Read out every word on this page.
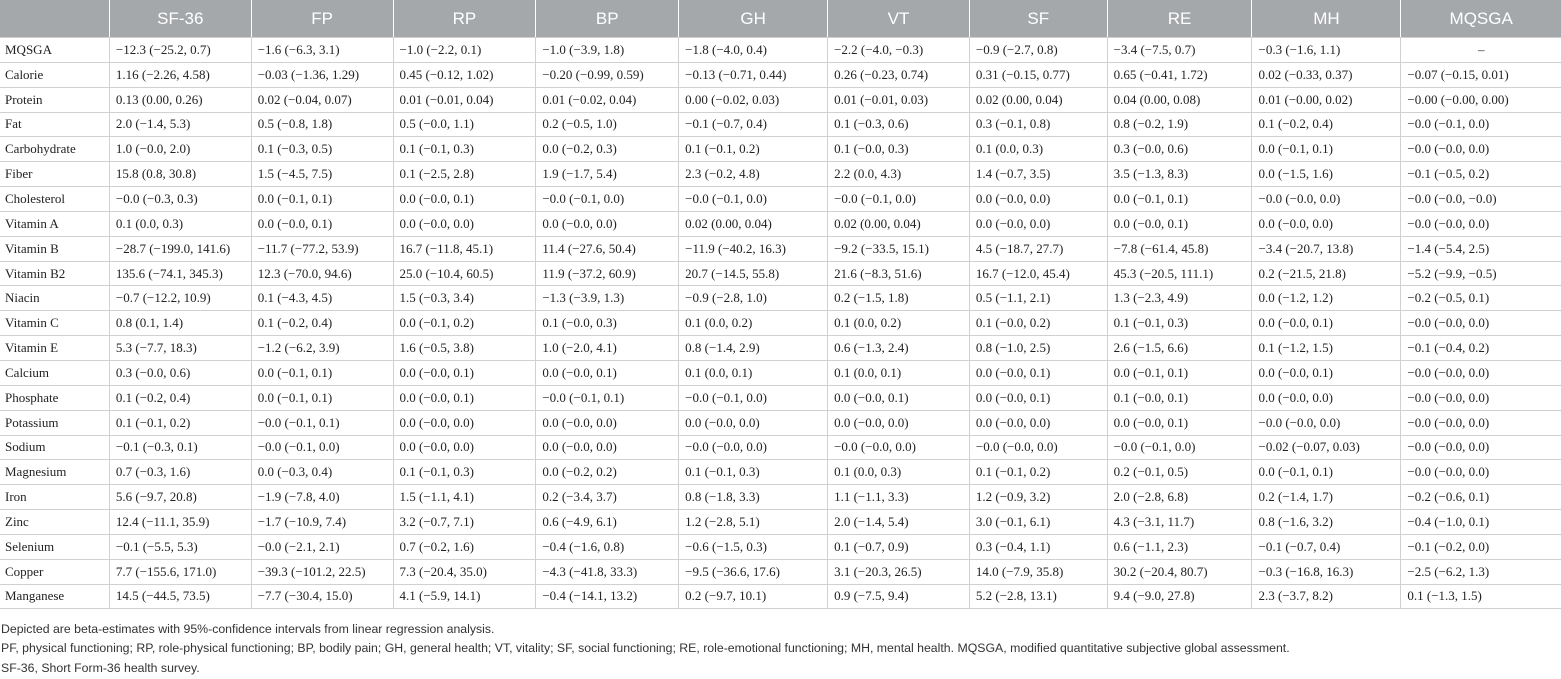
	SF-36	FP	RP	BP	GH	VT	SF	RE	MH	MQSGA
MQSGA	−12.3 (−25.2, 0.7)	−1.6 (−6.3, 3.1)	−1.0 (−2.2, 0.1)	−1.0 (−3.9, 1.8)	−1.8 (−4.0, 0.4)	−2.2 (−4.0, −0.3)	−0.9 (−2.7, 0.8)	−3.4 (−7.5, 0.7)	−0.3 (−1.6, 1.1)	–
Calorie	1.16 (−2.26, 4.58)	−0.03 (−1.36, 1.29)	0.45 (−0.12, 1.02)	−0.20 (−0.99, 0.59)	−0.13 (−0.71, 0.44)	0.26 (−0.23, 0.74)	0.31 (−0.15, 0.77)	0.65 (−0.41, 1.72)	0.02 (−0.33, 0.37)	−0.07 (−0.15, 0.01)
Protein	0.13 (0.00, 0.26)	0.02 (−0.04, 0.07)	0.01 (−0.01, 0.04)	0.01 (−0.02, 0.04)	0.00 (−0.02, 0.03)	0.01 (−0.01, 0.03)	0.02 (0.00, 0.04)	0.04 (0.00, 0.08)	0.01 (−0.00, 0.02)	−0.00 (−0.00, 0.00)
Fat	2.0 (−1.4, 5.3)	0.5 (−0.8, 1.8)	0.5 (−0.0, 1.1)	0.2 (−0.5, 1.0)	−0.1 (−0.7, 0.4)	0.1 (−0.3, 0.6)	0.3 (−0.1, 0.8)	0.8 (−0.2, 1.9)	0.1 (−0.2, 0.4)	−0.0 (−0.1, 0.0)
Carbohydrate	1.0 (−0.0, 2.0)	0.1 (−0.3, 0.5)	0.1 (−0.1, 0.3)	0.0 (−0.2, 0.3)	0.1 (−0.1, 0.2)	0.1 (−0.0, 0.3)	0.1 (0.0, 0.3)	0.3 (−0.0, 0.6)	0.0 (−0.1, 0.1)	−0.0 (−0.0, 0.0)
Fiber	15.8 (0.8, 30.8)	1.5 (−4.5, 7.5)	0.1 (−2.5, 2.8)	1.9 (−1.7, 5.4)	2.3 (−0.2, 4.8)	2.2 (0.0, 4.3)	1.4 (−0.7, 3.5)	3.5 (−1.3, 8.3)	0.0 (−1.5, 1.6)	−0.1 (−0.5, 0.2)
Cholesterol	−0.0 (−0.3, 0.3)	0.0 (−0.1, 0.1)	0.0 (−0.0, 0.1)	−0.0 (−0.1, 0.0)	−0.0 (−0.1, 0.0)	−0.0 (−0.1, 0.0)	0.0 (−0.0, 0.0)	0.0 (−0.1, 0.1)	−0.0 (−0.0, 0.0)	−0.0 (−0.0, −0.0)
Vitamin A	0.1 (0.0, 0.3)	0.0 (−0.0, 0.1)	0.0 (−0.0, 0.0)	0.0 (−0.0, 0.0)	0.02 (0.00, 0.04)	0.02 (0.00, 0.04)	0.0 (−0.0, 0.0)	0.0 (−0.0, 0.1)	0.0 (−0.0, 0.0)	−0.0 (−0.0, 0.0)
Vitamin B	−28.7 (−199.0, 141.6)	−11.7 (−77.2, 53.9)	16.7 (−11.8, 45.1)	11.4 (−27.6, 50.4)	−11.9 (−40.2, 16.3)	−9.2 (−33.5, 15.1)	4.5 (−18.7, 27.7)	−7.8 (−61.4, 45.8)	−3.4 (−20.7, 13.8)	−1.4 (−5.4, 2.5)
Vitamin B2	135.6 (−74.1, 345.3)	12.3 (−70.0, 94.6)	25.0 (−10.4, 60.5)	11.9 (−37.2, 60.9)	20.7 (−14.5, 55.8)	21.6 (−8.3, 51.6)	16.7 (−12.0, 45.4)	45.3 (−20.5, 111.1)	0.2 (−21.5, 21.8)	−5.2 (−9.9, −0.5)
Niacin	−0.7 (−12.2, 10.9)	0.1 (−4.3, 4.5)	1.5 (−0.3, 3.4)	−1.3 (−3.9, 1.3)	−0.9 (−2.8, 1.0)	0.2 (−1.5, 1.8)	0.5 (−1.1, 2.1)	1.3 (−2.3, 4.9)	0.0 (−1.2, 1.2)	−0.2 (−0.5, 0.1)
Vitamin C	0.8 (0.1, 1.4)	0.1 (−0.2, 0.4)	0.0 (−0.1, 0.2)	0.1 (−0.0, 0.3)	0.1 (0.0, 0.2)	0.1 (0.0, 0.2)	0.1 (−0.0, 0.2)	0.1 (−0.1, 0.3)	0.0 (−0.0, 0.1)	−0.0 (−0.0, 0.0)
Vitamin E	5.3 (−7.7, 18.3)	−1.2 (−6.2, 3.9)	1.6 (−0.5, 3.8)	1.0 (−2.0, 4.1)	0.8 (−1.4, 2.9)	0.6 (−1.3, 2.4)	0.8 (−1.0, 2.5)	2.6 (−1.5, 6.6)	0.1 (−1.2, 1.5)	−0.1 (−0.4, 0.2)
Calcium	0.3 (−0.0, 0.6)	0.0 (−0.1, 0.1)	0.0 (−0.0, 0.1)	0.0 (−0.0, 0.1)	0.1 (0.0, 0.1)	0.1 (0.0, 0.1)	0.0 (−0.0, 0.1)	0.0 (−0.1, 0.1)	0.0 (−0.0, 0.1)	−0.0 (−0.0, 0.0)
Phosphate	0.1 (−0.2, 0.4)	0.0 (−0.1, 0.1)	0.0 (−0.0, 0.1)	−0.0 (−0.1, 0.1)	−0.0 (−0.1, 0.0)	0.0 (−0.0, 0.1)	0.0 (−0.0, 0.1)	0.1 (−0.0, 0.1)	0.0 (−0.0, 0.0)	−0.0 (−0.0, 0.0)
Potassium	0.1 (−0.1, 0.2)	−0.0 (−0.1, 0.1)	0.0 (−0.0, 0.0)	0.0 (−0.0, 0.0)	0.0 (−0.0, 0.0)	0.0 (−0.0, 0.0)	0.0 (−0.0, 0.0)	0.0 (−0.0, 0.1)	−0.0 (−0.0, 0.0)	−0.0 (−0.0, 0.0)
Sodium	−0.1 (−0.3, 0.1)	−0.0 (−0.1, 0.0)	0.0 (−0.0, 0.0)	0.0 (−0.0, 0.0)	−0.0 (−0.0, 0.0)	−0.0 (−0.0, 0.0)	−0.0 (−0.0, 0.0)	−0.0 (−0.1, 0.0)	−0.02 (−0.07, 0.03)	−0.0 (−0.0, 0.0)
Magnesium	0.7 (−0.3, 1.6)	0.0 (−0.3, 0.4)	0.1 (−0.1, 0.3)	0.0 (−0.2, 0.2)	0.1 (−0.1, 0.3)	0.1 (0.0, 0.3)	0.1 (−0.1, 0.2)	0.2 (−0.1, 0.5)	0.0 (−0.1, 0.1)	−0.0 (−0.0, 0.0)
Iron	5.6 (−9.7, 20.8)	−1.9 (−7.8, 4.0)	1.5 (−1.1, 4.1)	0.2 (−3.4, 3.7)	0.8 (−1.8, 3.3)	1.1 (−1.1, 3.3)	1.2 (−0.9, 3.2)	2.0 (−2.8, 6.8)	0.2 (−1.4, 1.7)	−0.2 (−0.6, 0.1)
Zinc	12.4 (−11.1, 35.9)	−1.7 (−10.9, 7.4)	3.2 (−0.7, 7.1)	0.6 (−4.9, 6.1)	1.2 (−2.8, 5.1)	2.0 (−1.4, 5.4)	3.0 (−0.1, 6.1)	4.3 (−3.1, 11.7)	0.8 (−1.6, 3.2)	−0.4 (−1.0, 0.1)
Selenium	−0.1 (−5.5, 5.3)	−0.0 (−2.1, 2.1)	0.7 (−0.2, 1.6)	−0.4 (−1.6, 0.8)	−0.6 (−1.5, 0.3)	0.1 (−0.7, 0.9)	0.3 (−0.4, 1.1)	0.6 (−1.1, 2.3)	−0.1 (−0.7, 0.4)	−0.1 (−0.2, 0.0)
Copper	7.7 (−155.6, 171.0)	−39.3 (−101.2, 22.5)	7.3 (−20.4, 35.0)	−4.3 (−41.8, 33.3)	−9.5 (−36.6, 17.6)	3.1 (−20.3, 26.5)	14.0 (−7.9, 35.8)	30.2 (−20.4, 80.7)	−0.3 (−16.8, 16.3)	−2.5 (−6.2, 1.3)
Manganese	14.5 (−44.5, 73.5)	−7.7 (−30.4, 15.0)	4.1 (−5.9, 14.1)	−0.4 (−14.1, 13.2)	0.2 (−9.7, 10.1)	0.9 (−7.5, 9.4)	5.2 (−2.8, 13.1)	9.4 (−9.0, 27.8)	2.3 (−3.7, 8.2)	0.1 (−1.3, 1.5)
Depicted are beta-estimates with 95%-confidence intervals from linear regression analysis.
PF, physical functioning; RP, role-physical functioning; BP, bodily pain; GH, general health; VT, vitality; SF, social functioning; RE, role-emotional functioning; MH, mental health. MQSGA, modified quantitative subjective global assessment.
SF-36, Short Form-36 health survey.
